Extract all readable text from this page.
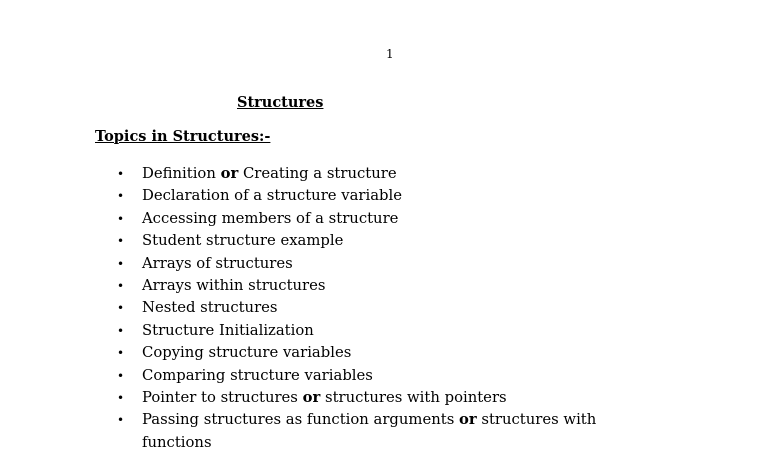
1
Structures
Topics in Structures:-
• Definition or Creating a structure
• Declaration of a structure variable
• Accessing members of a structure
• Student structure example
• Arrays of structures
• Arrays within structures
• Nested structures
• Structure Initialization
• Copying structure variables
• Comparing structure variables
• Pointer to structures or structures with pointers
• Passing structures as function arguments or structures with
functions
